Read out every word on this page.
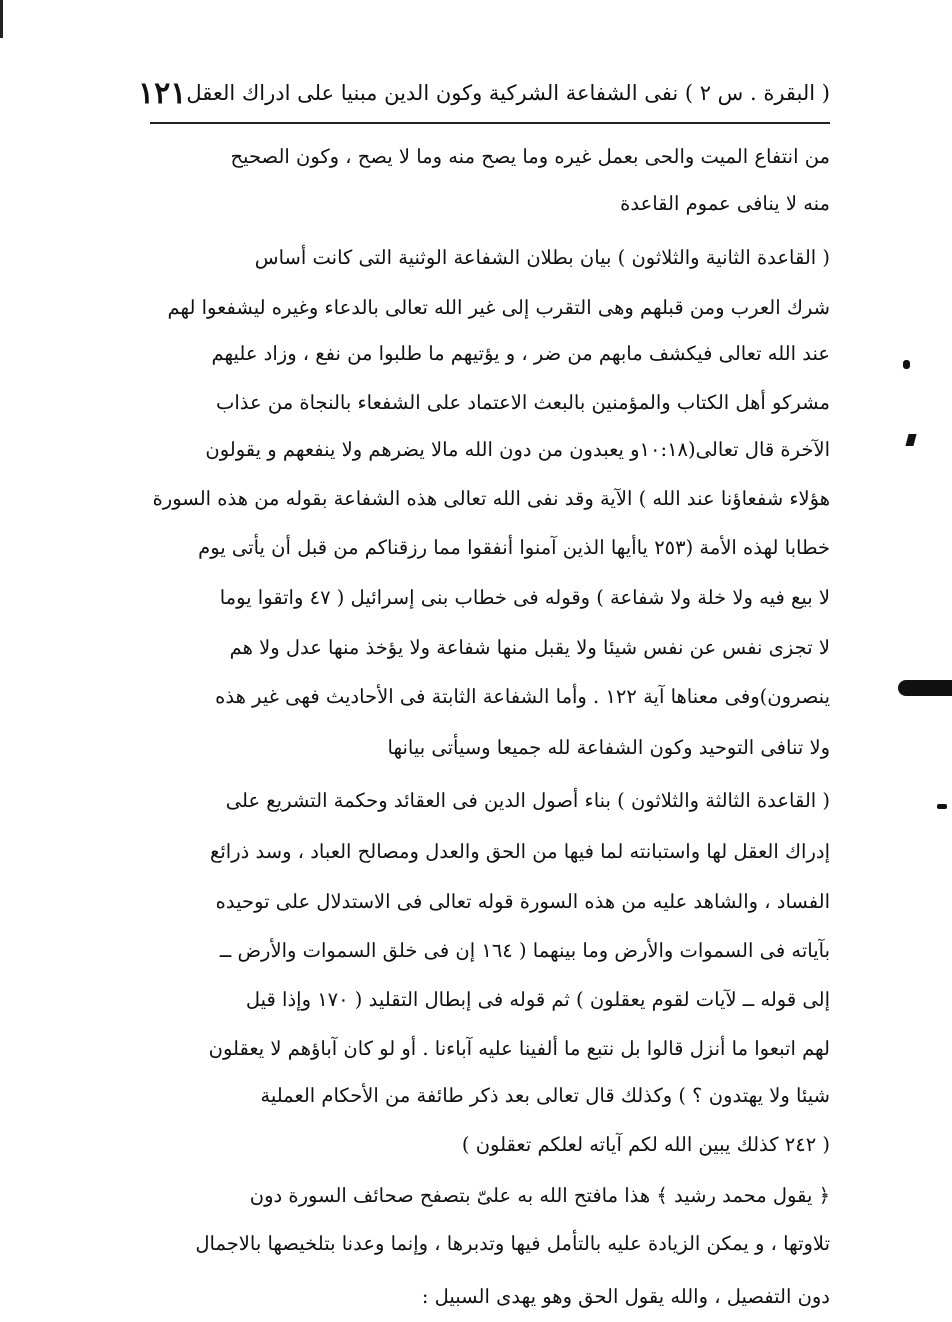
( البقرة . س ٢ ) نفى الشفاعة الشركية وكون الدين مبنيا على ادراك العقل
١٢١
من انتفاع الميت والحى بعمل غيره وما يصح منه وما لا يصح ، وكون الصحيح
منه لا ينافى عموم القاعدة
( القاعدة الثانية والثلاثون ) بيان بطلان الشفاعة الوثنية التى كانت أساس
شرك العرب ومن قبلهم وهى التقرب إلى غير الله تعالى بالدعاء وغيره ليشفعوا لهم
عند الله تعالى فيكشف مابهم من ضر ، و يؤتيهم ما طلبوا من نفع ، وزاد عليهم
مشركو أهل الكتاب والمؤمنين بالبعث الاعتماد على الشفعاء بالنجاة من عذاب
الآخرة قال تعالى(١٠:١٨و يعبدون من دون الله مالا يضرهم ولا ينفعهم و يقولون
هؤلاء شفعاؤنا عند الله ) الآية وقد نفى الله تعالى هذه الشفاعة بقوله من هذه السورة
خطابا لهذه الأمة (٢٥٣ ياأيها الذين آمنوا أنفقوا مما رزقناكم من قبل أن يأتى يوم
لا بيع فيه ولا خلة ولا شفاعة ) وقوله فى خطاب بنى إسرائيل ( ٤٧ واتقوا يوما
لا تجزى نفس عن نفس شيئا ولا يقبل منها شفاعة ولا يؤخذ منها عدل ولا هم
ينصرون)وفى معناها آية ١٢٢ . وأما الشفاعة الثابتة فى الأحاديث فهى غير هذه
ولا تنافى التوحيد وكون الشفاعة لله جميعا وسيأتى بيانها
( القاعدة الثالثة والثلاثون ) بناء أصول الدين فى العقائد وحكمة التشريع على
إدراك العقل لها واستبانته لما فيها من الحق والعدل ومصالح العباد ، وسد ذرائع
الفساد ، والشاهد عليه من هذه السورة قوله تعالى فى الاستدلال على توحيده
بآياته فى السموات والأرض وما بينهما ( ١٦٤ إن فى خلق السموات والأرض ــ
إلى قوله ــ لآيات لقوم يعقلون ) ثم قوله فى إبطال التقليد ( ١٧٠ وإذا قيل
لهم اتبعوا ما أنزل قالوا بل نتبع ما ألفينا عليه آباءنا . أو لو كان آباؤهم لا يعقلون
شيئا ولا يهتدون ؟ ) وكذلك قال تعالى بعد ذكر طائفة من الأحكام العملية
( ٢٤٢ كذلك يبين الله لكم آياته لعلكم تعقلون )
﴿ يقول محمد رشيد ﴾ هذا مافتح الله به علىّ بتصفح صحائف السورة دون
تلاوتها ، و يمكن الزيادة عليه بالتأمل فيها وتدبرها ، وإنما وعدنا بتلخيصها بالاجمال
دون التفصيل ، والله يقول الحق وهو يهدى السبيل :
